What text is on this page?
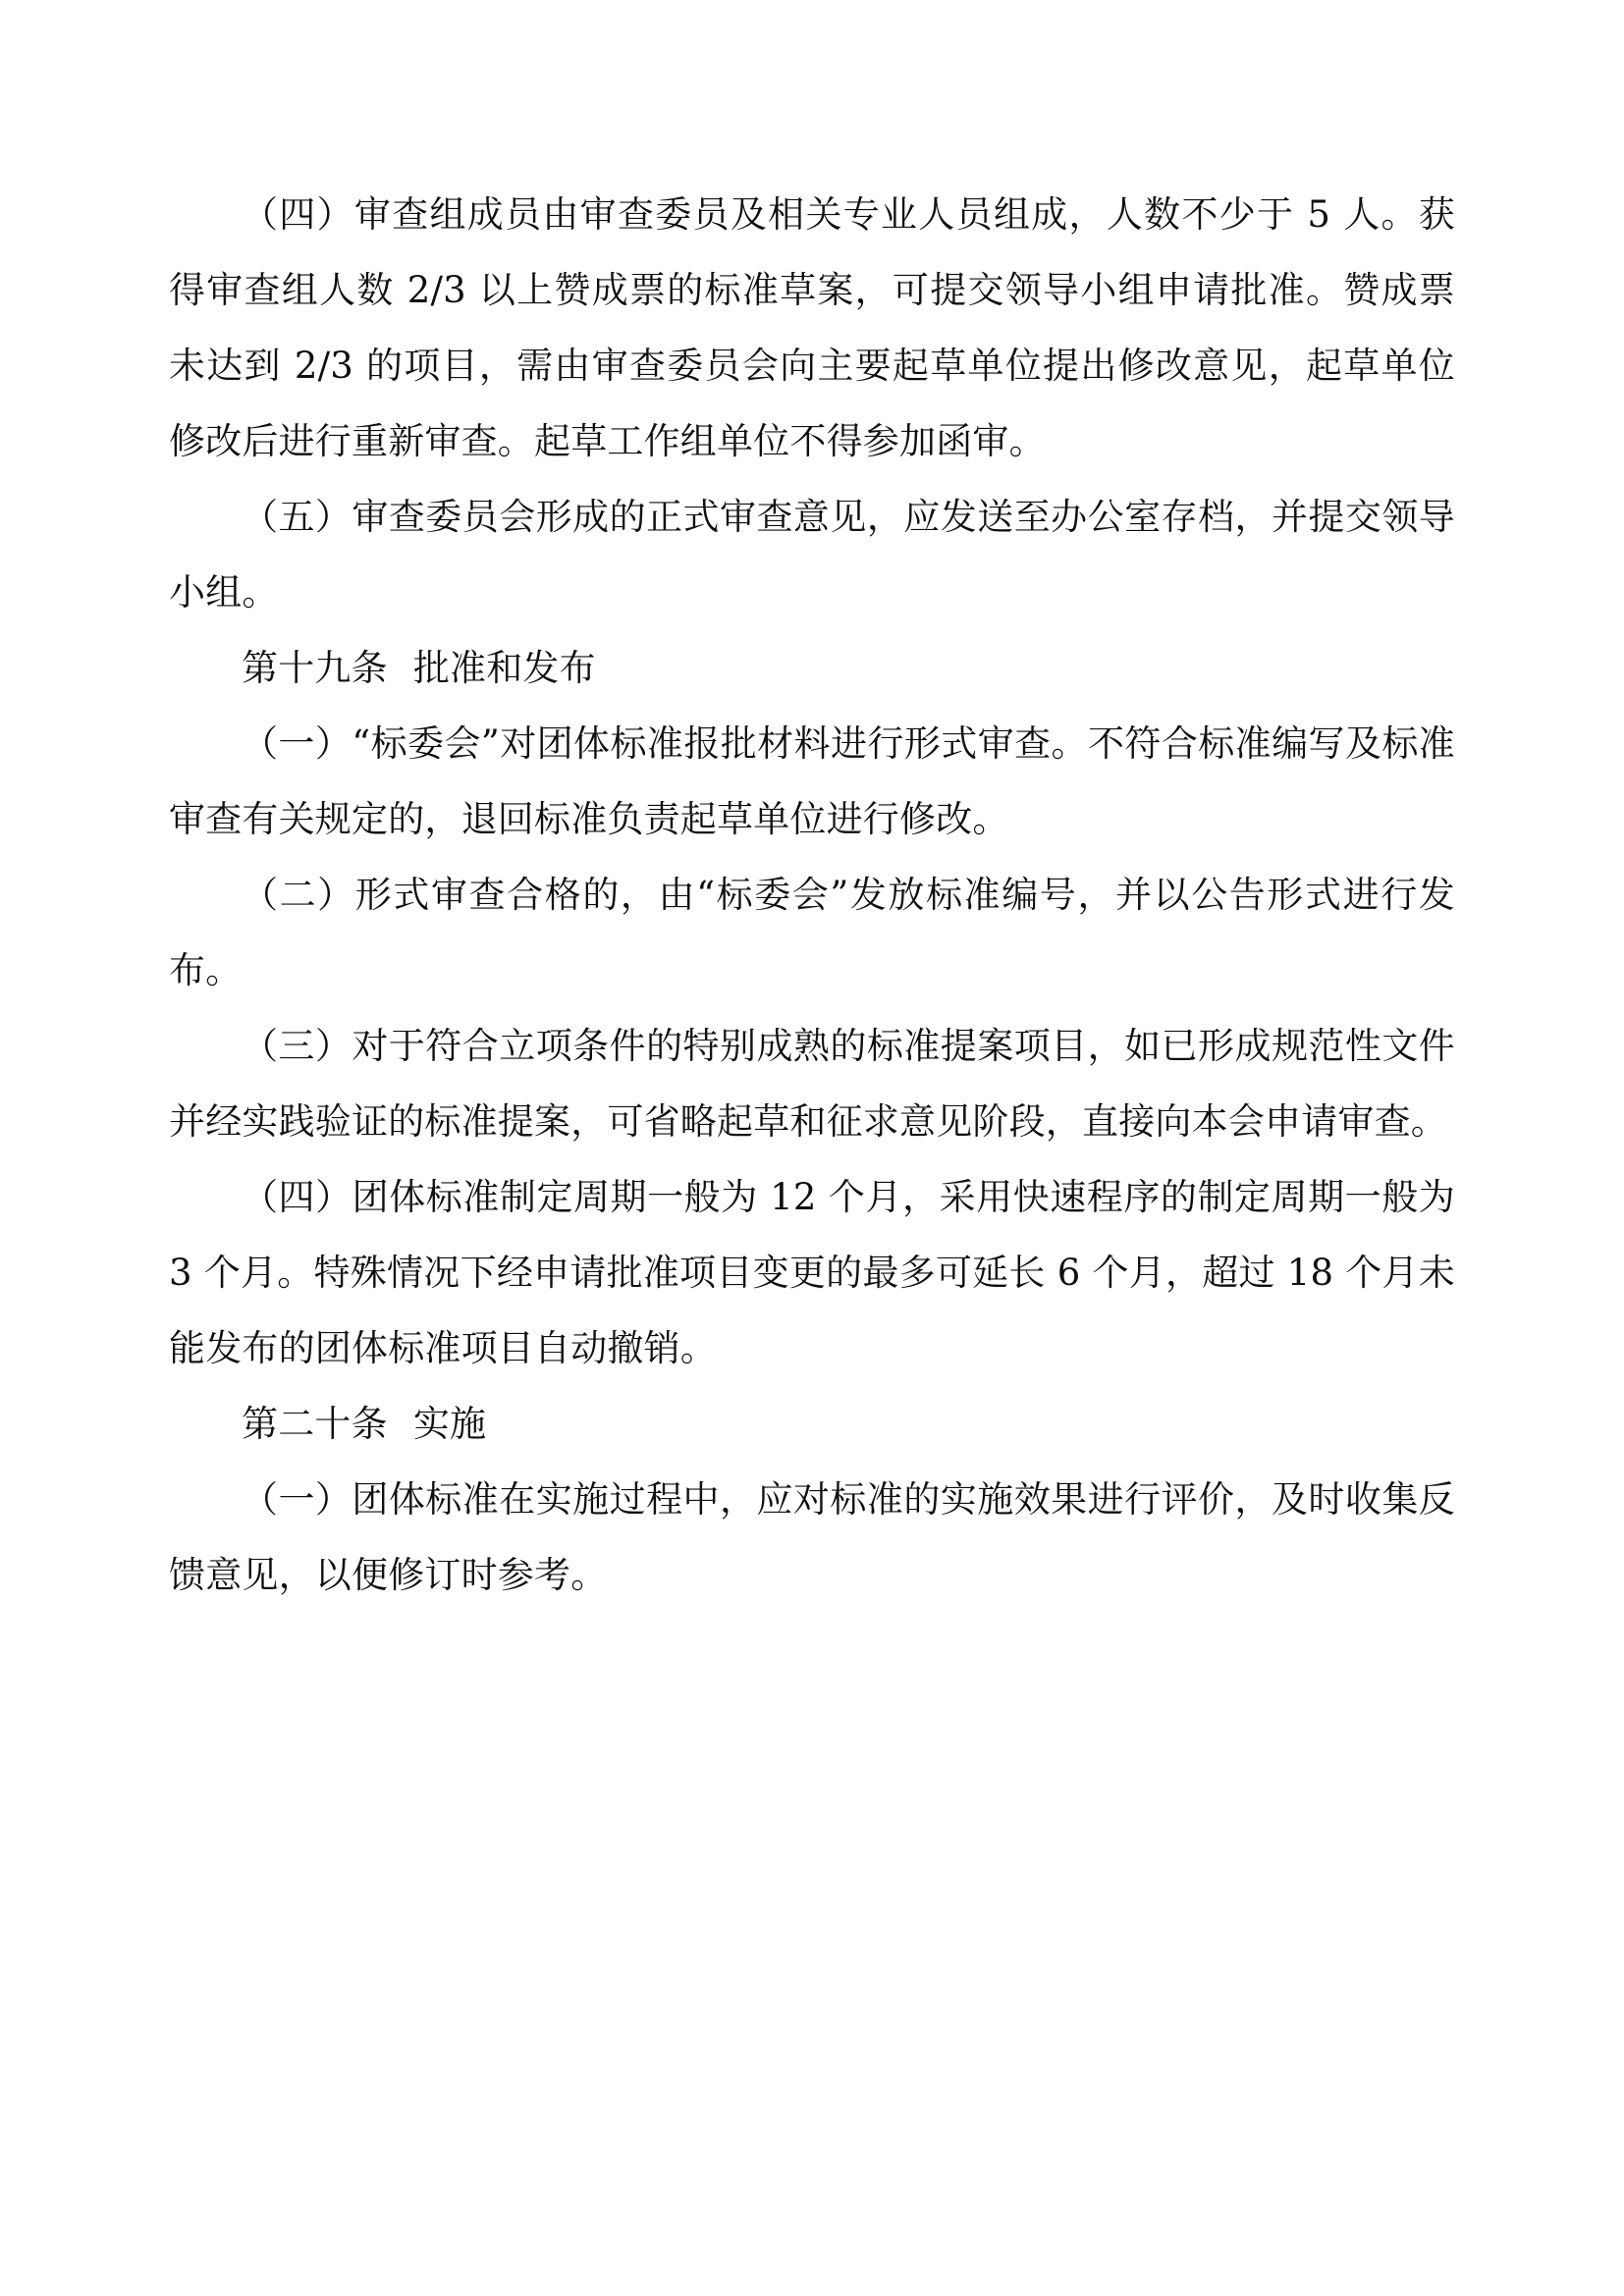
（四）审查组成员由审查委员及相关专业人员组成，人数不少于 5 人。获得审查组人数 2/3 以上赞成票的标准草案，可提交领导小组申请批准。赞成票未达到 2/3 的项目，需由审查委员会向主要起草单位提出修改意见，起草单位修改后进行重新审查。起草工作组单位不得参加函审。

（五）审查委员会形成的正式审查意见，应发送至办公室存档，并提交领导小组。

第十九条 批准和发布

（一）“标委会”对团体标准报批材料进行形式审查。不符合标准编写及标准审查有关规定的，退回标准负责起草单位进行修改。

（二）形式审查合格的，由“标委会”发放标准编号，并以公告形式进行发布。

（三）对于符合立项条件的特别成熟的标准提案项目，如已形成规范性文件并经实践验证的标准提案，可省略起草和征求意见阶段，直接向本会申请审查。

（四）团体标准制定周期一般为 12 个月，采用快速程序的制定周期一般为 3 个月。特殊情况下经申请批准项目变更的最多可延长 6 个月，超过 18 个月未能发布的团体标准项目自动撤销。

第二十条 实施

（一）团体标准在实施过程中，应对标准的实施效果进行评价，及时收集反馈意见，以便修订时参考。
